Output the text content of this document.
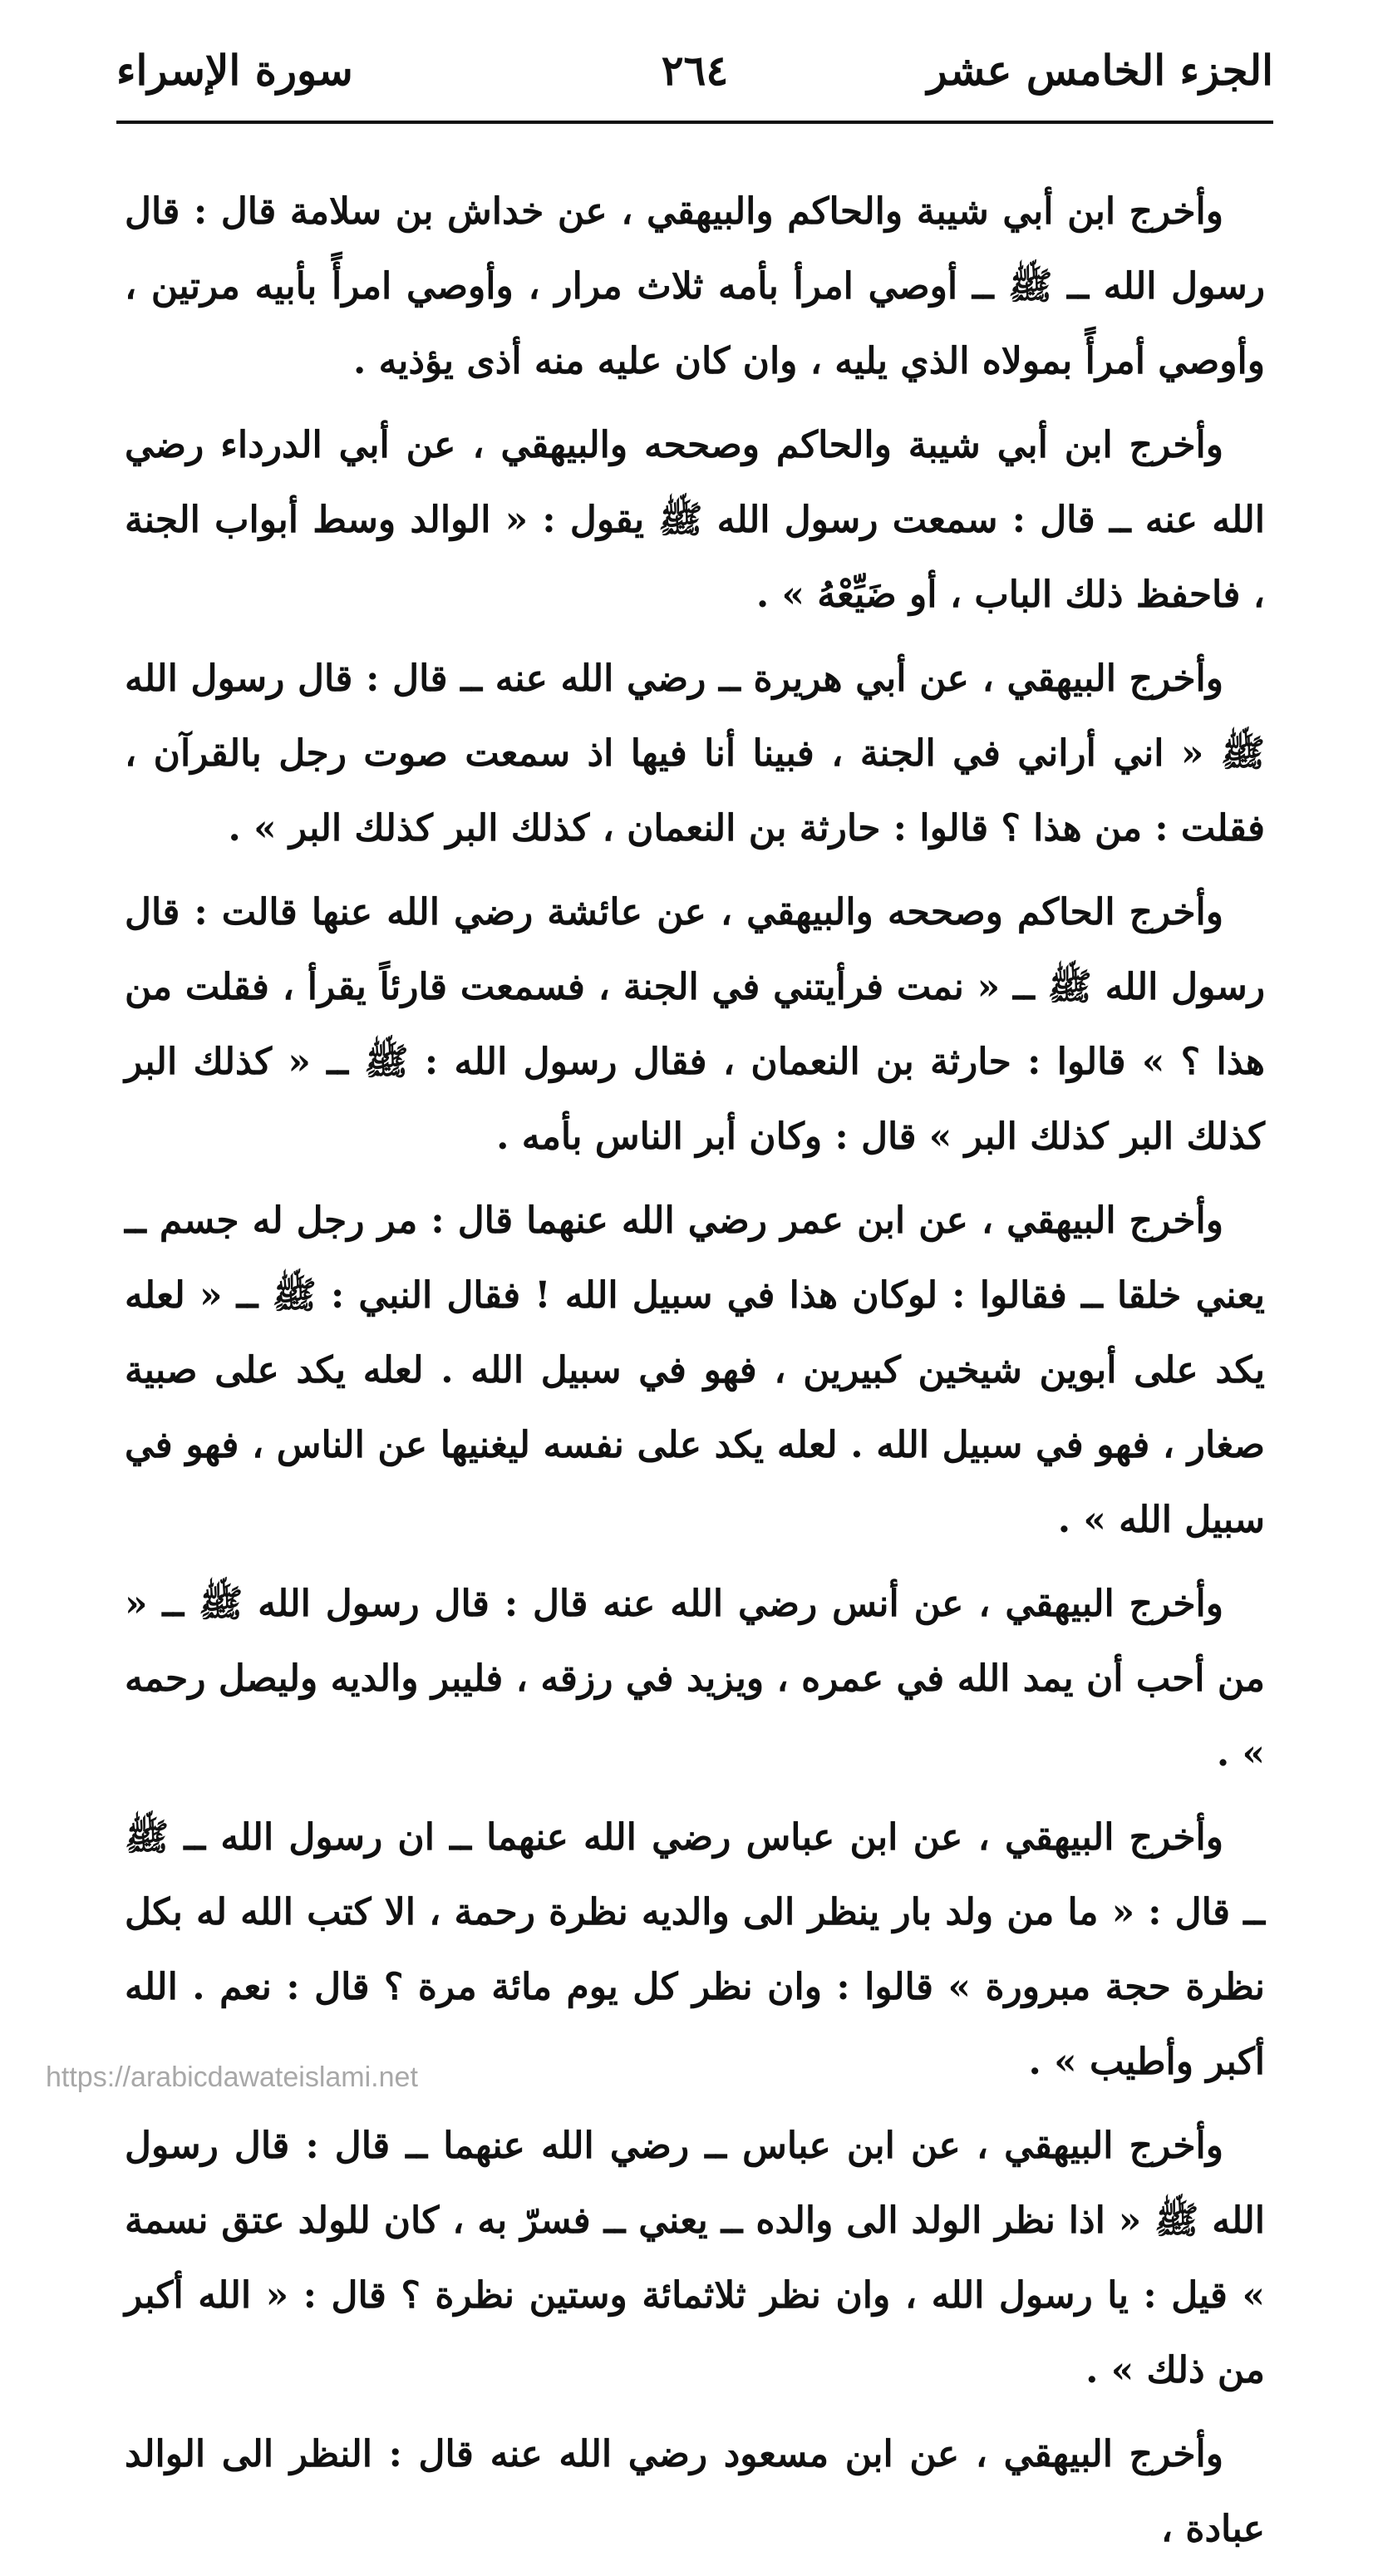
الجزء الخامس عشر
٢٦٤
سورة الإسراء

وأخرج ابن أبي شيبة والحاكم والبيهقي ، عن خداش بن سلامة قال : قال رسول الله ــ ﷺ ــ أوصي امرأ بأمه ثلاث مرار ، وأوصي امرأً بأبيه مرتين ، وأوصي أمرأً بمولاه الذي يليه ، وان كان عليه منه أذى يؤذيه .

وأخرج ابن أبي شيبة والحاكم وصححه والبيهقي ، عن أبي الدرداء رضي الله عنه ــ قال : سمعت رسول الله ﷺ يقول : « الوالد وسط أبواب الجنة ، فاحفظ ذلك الباب ، أو ضَيِّعْهُ » .

وأخرج البيهقي ، عن أبي هريرة ــ رضي الله عنه ــ قال : قال رسول الله ﷺ « اني أراني في الجنة ، فبينا أنا فيها اذ سمعت صوت رجل بالقرآن ، فقلت : من هذا ؟ قالوا : حارثة بن النعمان ، كذلك البر كذلك البر » .

وأخرج الحاكم وصححه والبيهقي ، عن عائشة رضي الله عنها قالت : قال رسول الله ﷺ ــ « نمت فرأيتني في الجنة ، فسمعت قارئاً يقرأ ، فقلت من هذا ؟ » قالوا : حارثة بن النعمان ، فقال رسول الله : ﷺ ــ « كذلك البر كذلك البر كذلك البر » قال : وكان أبر الناس بأمه .

وأخرج البيهقي ، عن ابن عمر رضي الله عنهما قال : مر رجل له جسم ــ يعني خلقا ــ فقالوا : لوكان هذا في سبيل الله ! فقال النبي : ﷺ ــ « لعله يكد على أبوين شيخين كبيرين ، فهو في سبيل الله . لعله يكد على صبية صغار ، فهو في سبيل الله . لعله يكد على نفسه ليغنيها عن الناس ، فهو في سبيل الله » .

وأخرج البيهقي ، عن أنس رضي الله عنه قال : قال رسول الله ﷺ ــ « من أحب أن يمد الله في عمره ، ويزيد في رزقه ، فليبر والديه وليصل رحمه » .

وأخرج البيهقي ، عن ابن عباس رضي الله عنهما ــ ان رسول الله ــ ﷺ ــ قال : « ما من ولد بار ينظر الى والديه نظرة رحمة ، الا كتب الله له بكل نظرة حجة مبرورة » قالوا : وان نظر كل يوم مائة مرة ؟ قال : نعم . الله أكبر وأطيب » .

وأخرج البيهقي ، عن ابن عباس ــ رضي الله عنهما ــ قال : قال رسول الله ﷺ « اذا نظر الولد الى والده ــ يعني ــ فسرّ به ، كان للولد عتق نسمة » قيل : يا رسول الله ، وان نظر ثلاثمائة وستين نظرة ؟ قال : « الله أكبر من ذلك » .

وأخرج البيهقي ، عن ابن مسعود رضي الله عنه قال : النظر الى الوالد عبادة ،

https://arabicdawateislami.net
